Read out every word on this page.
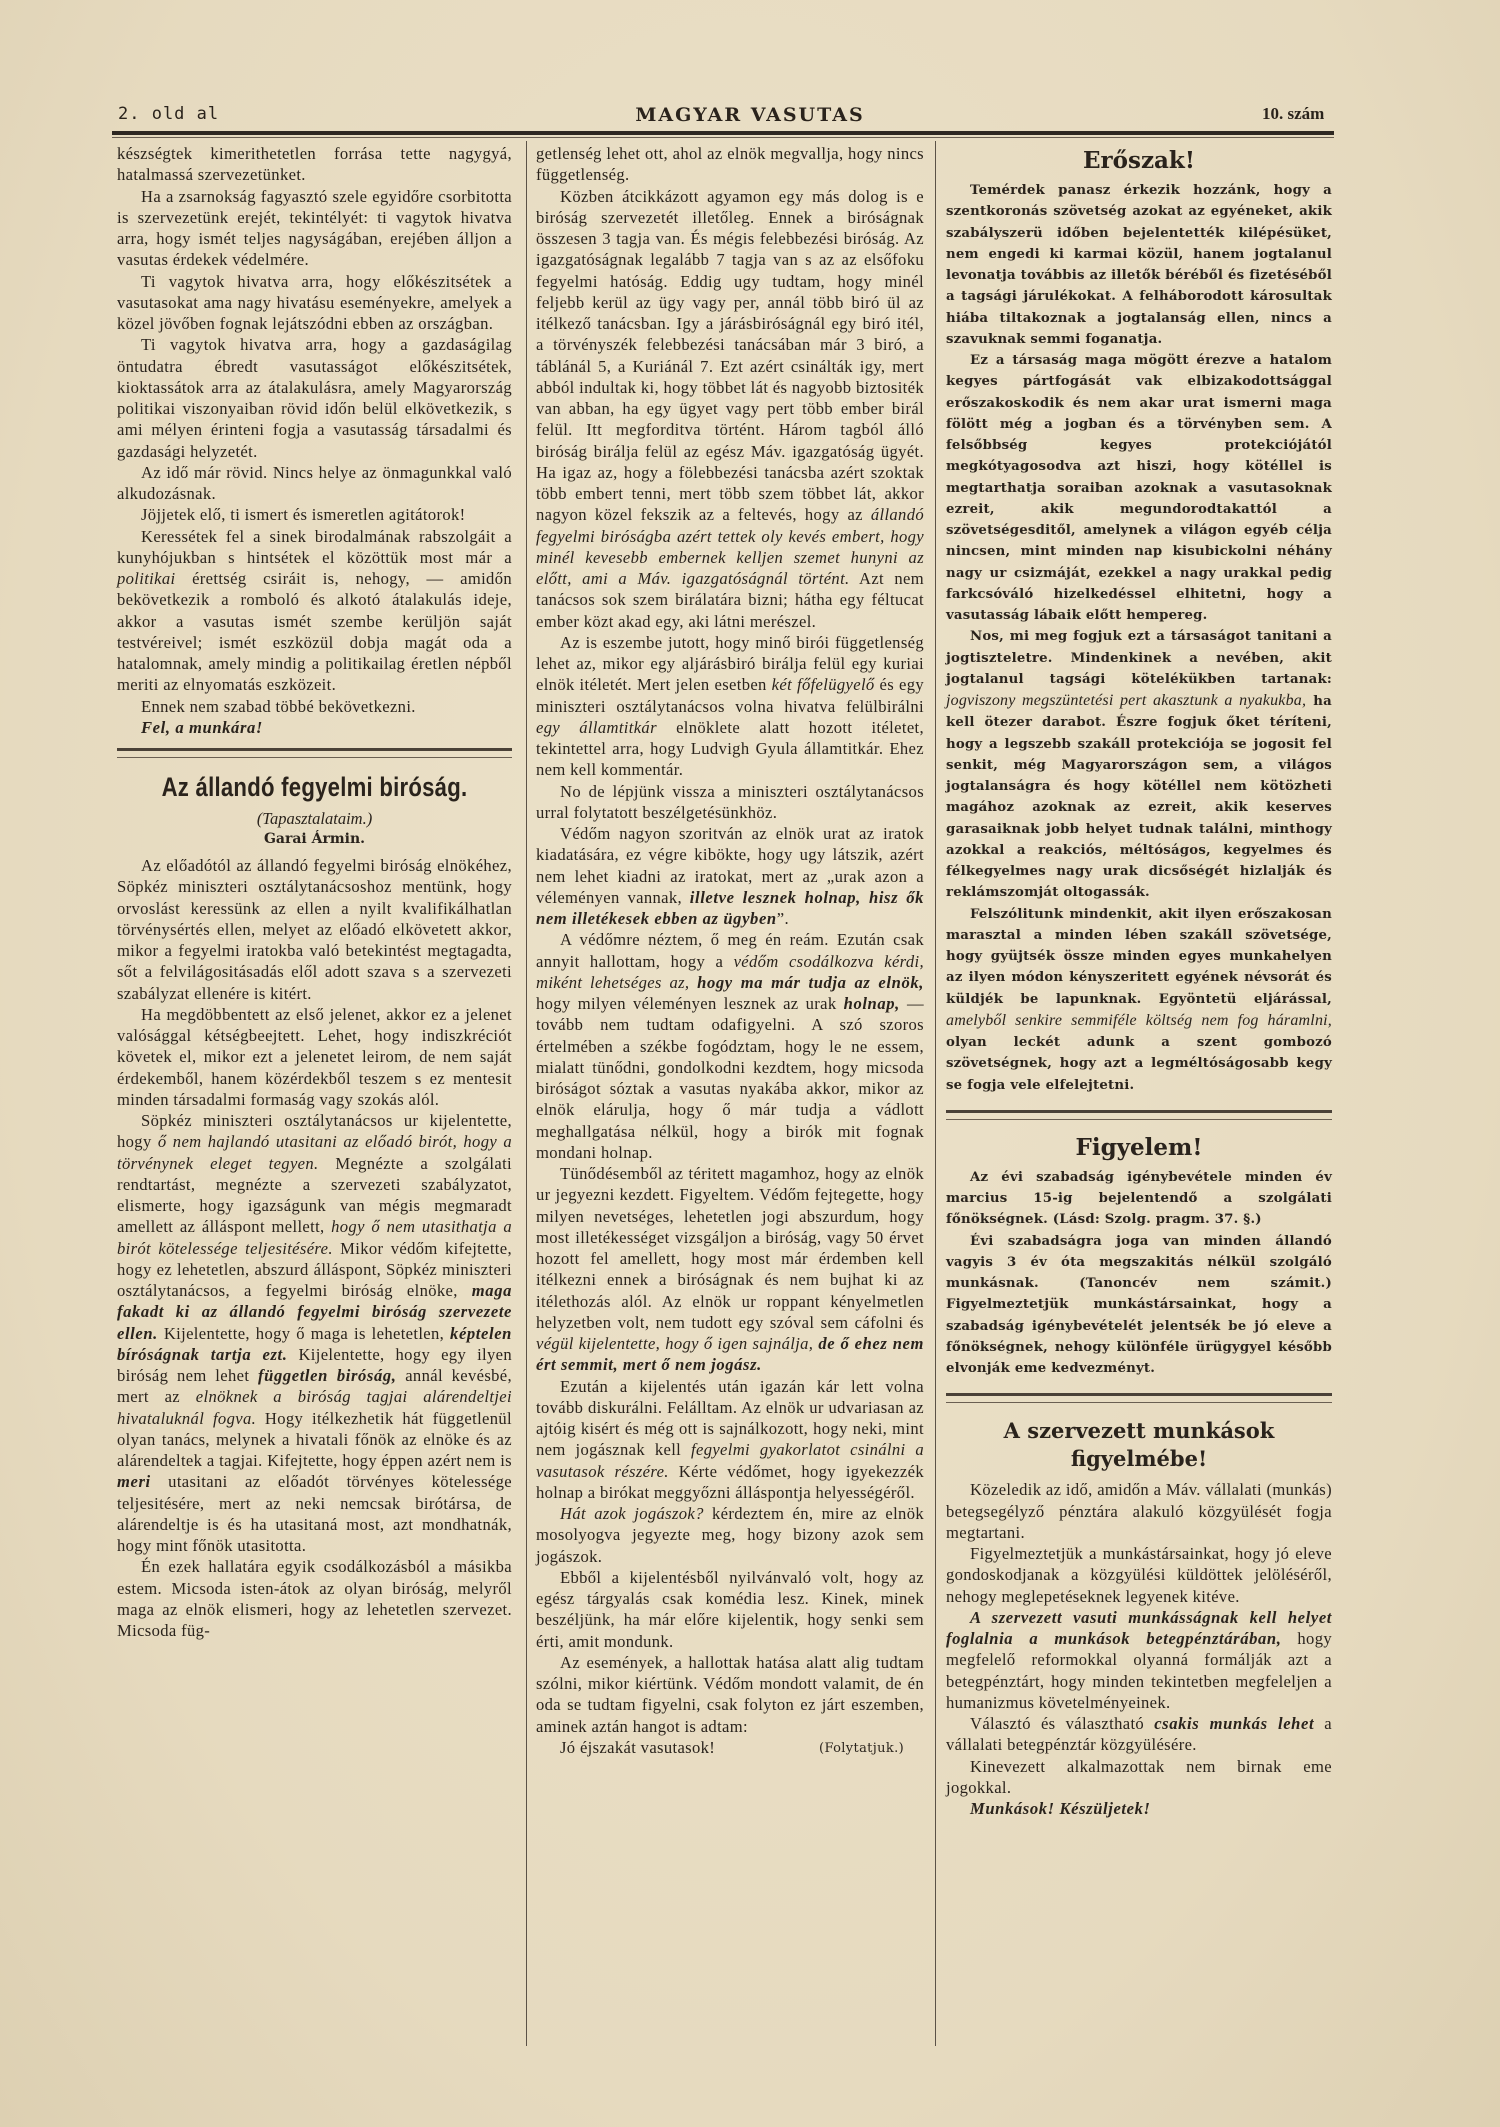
2. old al	MAGYAR VASUTAS	10. szám

készségtek kimerithetetlen forrása tette nagygyá, hatalmassá szervezetünket.

Ha a zsarnokság fagyasztó szele egyidőre csorbitotta is szervezetünk erejét, tekintélyét: ti vagytok hivatva arra, hogy ismét teljes nagyságában, erejében álljon a vasutas érdekek védelmére.

Ti vagytok hivatva arra, hogy előkészitsétek a vasutasokat ama nagy hivatásu eseményekre, amelyek a közel jövőben fognak lejátszódni ebben az országban.

Ti vagytok hivatva arra, hogy a gazdaságilag öntudatra ébredt vasutasságot előkészitsétek, kioktassátok arra az átalakulásra, amely Magyarország politikai viszonyaiban rövid időn belül elkövetkezik, s ami mélyen érinteni fogja a vasutasság társadalmi és gazdasági helyzetét.

Az idő már rövid. Nincs helye az önmagunkkal való alkudozásnak.

Jöjjetek elő, ti ismert és ismeretlen agitátorok!

Keressétek fel a sinek birodalmának rabszolgáit a kunyhójukban s hintsétek el közöttük most már a politikai érettség csiráit is, nehogy, — amidőn bekövetkezik a romboló és alkotó átalakulás ideje, akkor a vasutas ismét szembe kerüljön saját testvéreivel; ismét eszközül dobja magát oda a hatalomnak, amely mindig a politikailag éretlen népből meriti az elnyomatás eszközeit.

Ennek nem szabad többé bekövetkezni.

Fel, a munkára!

Az állandó fegyelmi biróság.
(Tapasztalataim.)
Garai Ármin.

Az előadótól az állandó fegyelmi biróság elnökéhez, Söpkéz miniszteri osztálytanácsoshoz mentünk, hogy orvoslást keressünk az ellen a nyilt kvalifikálhatlan törvénysértés ellen, melyet az előadó elkövetett akkor, mikor a fegyelmi iratokba való betekintést megtagadta, sőt a felvilágositásadás elől adott szava s a szervezeti szabályzat ellenére is kitért.

Ha megdöbbentett az első jelenet, akkor ez a jelenet valósággal kétségbeejtett. Lehet, hogy indiszkréciót követek el, mikor ezt a jelenetet leirom, de nem saját érdekemből, hanem közérdekből teszem s ez mentesit minden társadalmi formaság vagy szokás alól.

Söpkéz miniszteri osztálytanácsos ur kijelentette, hogy ő nem hajlandó utasitani az előadó birót, hogy a törvénynek eleget tegyen. Megnézte a szolgálati rendtartást, megnézte a szervezeti szabályzatot, elismerte, hogy igazságunk van mégis megmaradt amellett az álláspont mellett, hogy ő nem utasithatja a birót kötelessége teljesitésére. Mikor védőm kifejtette, hogy ez lehetetlen, abszurd álláspont, Söpkéz miniszteri osztálytanácsos, a fegyelmi biróság elnöke, maga fakadt ki az állandó fegyelmi biróság szervezete ellen. Kijelentette, hogy ő maga is lehetetlen, képtelen bíróságnak tartja ezt. Kijelentette, hogy egy ilyen biróság nem lehet független biróság, annál kevésbé, mert az elnöknek a biróság tagjai alárendeltjei hivataluknál fogva. Hogy itélkezhetik hát függetlenül olyan tanács, melynek a hivatali főnök az elnöke és az alárendeltek a tagjai. Kifejtette, hogy éppen azért nem is meri utasitani az előadót törvényes kötelessége teljesitésére, mert az neki nemcsak birótársa, de alárendeltje is és ha utasitaná most, azt mondhatnák, hogy mint főnök utasitotta.

Én ezek hallatára egyik csodálkozásból a másikba estem. Micsoda isten-átok az olyan biróság, melyről maga az elnök elismeri, hogy az lehetetlen szervezet. Micsoda füg-

getlenség lehet ott, ahol az elnök megvallja, hogy nincs függetlenség.

Közben átcikkázott agyamon egy más dolog is e biróság szervezetét illetőleg. Ennek a biróságnak összesen 3 tagja van. És mégis felebbezési biróság. Az igazgatóságnak legalább 7 tagja van s az az elsőfoku fegyelmi hatóság. Eddig ugy tudtam, hogy minél feljebb kerül az ügy vagy per, annál több biró ül az itélkező tanácsban. Igy a járásbiróságnál egy biró itél, a törvényszék felebbezési tanácsában már 3 biró, a táblánál 5, a Kuriánál 7. Ezt azért csinálták igy, mert abból indultak ki, hogy többet lát és nagyobb biztositék van abban, ha egy ügyet vagy pert több ember birál felül. Itt megforditva történt. Három tagból álló biróság birálja felül az egész Máv. igazgatóság ügyét. Ha igaz az, hogy a fölebbezési tanácsba azért szoktak több embert tenni, mert több szem többet lát, akkor nagyon közel fekszik az a feltevés, hogy az állandó fegyelmi biróságba azért tettek oly kevés embert, hogy minél kevesebb embernek kelljen szemet hunyni az előtt, ami a Máv. igazgatóságnál történt. Azt nem tanácsos sok szem birálatára bizni; hátha egy féltucat ember közt akad egy, aki látni merészel.

Az is eszembe jutott, hogy minő birói függetlenség lehet az, mikor egy aljárásbiró birálja felül egy kuriai elnök itéletét. Mert jelen esetben két főfelügyelő és egy miniszteri osztálytanácsos volna hivatva felülbirálni egy államtitkár elnöklete alatt hozott itéletet, tekintettel arra, hogy Ludvigh Gyula államtitkár. Ehez nem kell kommentár.

No de lépjünk vissza a miniszteri osztálytanácsos urral folytatott beszélgetésünkhöz.

Védőm nagyon szoritván az elnök urat az iratok kiadatására, ez végre kibökte, hogy ugy látszik, azért nem lehet kiadni az iratokat, mert az „urak azon a véleményen vannak, illetve lesznek holnap, hisz ők nem illetékesek ebben az ügyben”.

A védőmre néztem, ő meg én reám. Ezután csak annyit hallottam, hogy a védőm csodálkozva kérdi, miként lehetséges az, hogy ma már tudja az elnök, hogy milyen véleményen lesznek az urak holnap, — tovább nem tudtam odafigyelni. A szó szoros értelmében a székbe fogództam, hogy le ne essem, mialatt tünődni, gondolkodni kezdtem, hogy micsoda biróságot sóztak a vasutas nyakába akkor, mikor az elnök elárulja, hogy ő már tudja a vádlott meghallgatása nélkül, hogy a birók mit fognak mondani holnap.

Tünődésemből az téritett magamhoz, hogy az elnök ur jegyezni kezdett. Figyeltem. Védőm fejtegette, hogy milyen nevetséges, lehetetlen jogi abszurdum, hogy most illetékességet vizsgáljon a biróság, vagy 50 érvet hozott fel amellett, hogy most már érdemben kell itélkezni ennek a biróságnak és nem bujhat ki az itélethozás alól. Az elnök ur roppant kényelmetlen helyzetben volt, nem tudott egy szóval sem cáfolni és végül kijelentette, hogy ő igen sajnálja, de ő ehez nem ért semmit, mert ő nem jogász.

Ezután a kijelentés után igazán kár lett volna tovább diskurálni. Felálltam. Az elnök ur udvariasan az ajtóig kisért és még ott is sajnálkozott, hogy neki, mint nem jogásznak kell fegyelmi gyakorlatot csinálni a vasutasok részére. Kérte védőmet, hogy igyekezzék holnap a birókat meggyőzni álláspontja helyességéről.

Hát azok jogászok? kérdeztem én, mire az elnök mosolyogva jegyezte meg, hogy bizony azok sem jogászok.

Ebből a kijelentésből nyilvánvaló volt, hogy az egész tárgyalás csak komédia lesz. Kinek, minek beszéljünk, ha már előre kijelentik, hogy senki sem érti, amit mondunk.

Az események, a hallottak hatása alatt alig tudtam szólni, mikor kiértünk. Védőm mondott valamit, de én oda se tudtam figyelni, csak folyton ez járt eszemben, aminek aztán hangot is adtam:

Jó éjszakát vasutasok!	(Folytatjuk.)
Erőszak!

Temérdek panasz érkezik hozzánk, hogy a szentkoronás szövetség azokat az egyéneket, akik szabályszerü időben bejelentették kilépésüket, nem engedi ki karmai közül, hanem jogtalanul levonatja továbbis az illetők béréből és fizetéséből a tagsági járulékokat. A felháborodott károsultak hiába tiltakoznak a jogtalanság ellen, nincs a szavuknak semmi foganatja.

Ez a társaság maga mögött érezve a hatalom kegyes pártfogását vak elbizakodottsággal erőszakoskodik és nem akar urat ismerni maga fölött még a jogban és a törvényben sem. A felsőbbség kegyes protekciójától megkótyagosodva azt hiszi, hogy kötéllel is megtarthatja soraiban azoknak a vasutasoknak ezreit, akik megundorodtakattól a szövetségesditől, amelynek a világon egyéb célja nincsen, mint minden nap kisubickolni néhány nagy ur csizmáját, ezekkel a nagy urakkal pedig farkcsóváló hizelkedéssel elhitetni, hogy a vasutasság lábaik előtt hempereg.

Nos, mi meg fogjuk ezt a társaságot tanitani a jogtiszteletre. Mindenkinek a nevében, akit jogtalanul tagsági kötelékükben tartanak: jogviszony megszüntetési pert akasztunk a nyakukba, ha kell ötezer darabot. Észre fogjuk őket téríteni, hogy a legszebb szakáll protekciója se jogosit fel senkit, még Magyarországon sem, a világos jogtalanságra és hogy kötéllel nem kötözheti magához azoknak az ezreit, akik keserves garasaiknak jobb helyet tudnak találni, minthogy azokkal a reakciós, méltóságos, kegyelmes és félkegyelmes nagy urak dicsőségét hizlalják és reklámszomját oltogassák.

Felszólitunk mindenkit, akit ilyen erőszakosan marasztal a minden lében szakáll szövetsége, hogy gyüjtsék össze minden egyes munkahelyen az ilyen módon kényszeritett egyének névsorát és küldjék be lapunknak. Egyöntetü eljárással, amelyből senkire semmiféle költség nem fog háramlni, olyan leckét adunk a szent gombozó szövetségnek, hogy azt a legméltóságosabb kegy se fogja vele elfelejtetni.

Figyelem!

Az évi szabadság igénybevétele minden év marcius 15-ig bejelentendő a szolgálati főnökségnek. (Lásd: Szolg. pragm. 37. §.)

Évi szabadságra joga van minden állandó vagyis 3 év óta megszakitás nélkül szolgáló munkásnak. (Tanoncév nem számit.) Figyelmeztetjük munkástársainkat, hogy a szabadság igénybevételét jelentsék be jó eleve a főnökségnek, nehogy különféle ürügygyel később elvonják eme kedvezményt.

A szervezett munkások figyelmébe!

Közeledik az idő, amidőn a Máv. vállalati (munkás) betegsegélyző pénztára alakuló közgyülését fogja megtartani.

Figyelmeztetjük a munkástársainkat, hogy jó eleve gondoskodjanak a közgyülési küldöttek jelöléséről, nehogy meglepetéseknek legyenek kitéve.

A szervezett vasuti munkásságnak kell helyet foglalnia a munkások betegpénztárában, hogy megfelelő reformokkal olyanná formálják azt a betegpénztárt, hogy minden tekintetben megfeleljen a humanizmus követelményeinek.

Választó és választható csakis munkás lehet a vállalati betegpénztár közgyülésére.

Kinevezett alkalmazottak nem birnak eme jogokkal.

Munkások! Készüljetek!
